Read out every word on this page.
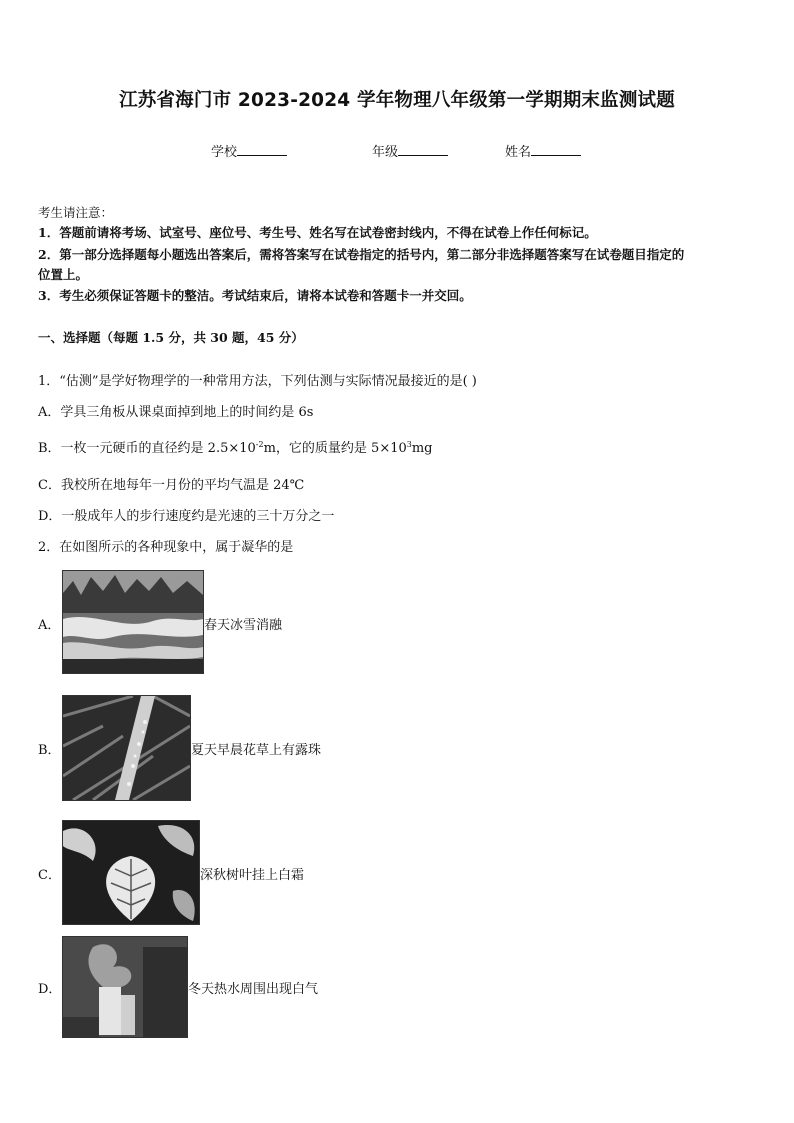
江苏省海门市 2023-2024 学年物理八年级第一学期期末监测试题
学校	年级	姓名
考生请注意：
1．答题前请将考场、试室号、座位号、考生号、姓名写在试卷密封线内，不得在试卷上作任何标记。
2．第一部分选择题每小题选出答案后，需将答案写在试卷指定的括号内，第二部分非选择题答案写在试卷题目指定的
位置上。
3．考生必须保证答题卡的整洁。考试结束后，请将本试卷和答题卡一并交回。
一、选择题（每题 1.5 分，共 30 题，45 分）
1．“估测”是学好物理学的一种常用方法，下列估测与实际情况最接近的是( )
A．学具三角板从课桌面掉到地上的时间约是 6s
B．一枚一元硬币的直径约是 $2.5\times 10^{-2}m$，它的质量约是 $5\times 10^3mg$
C．我校所在地每年一月份的平均气温是 24℃
D．一般成年人的步行速度约是光速的三十万分之一
2．在如图所示的各种现象中，属于凝华的是
A．	春天冰雪消融
B．	夏天早晨花草上有露珠
C．	深秋树叶挂上白霜
D．	冬天热水周围出现白气
